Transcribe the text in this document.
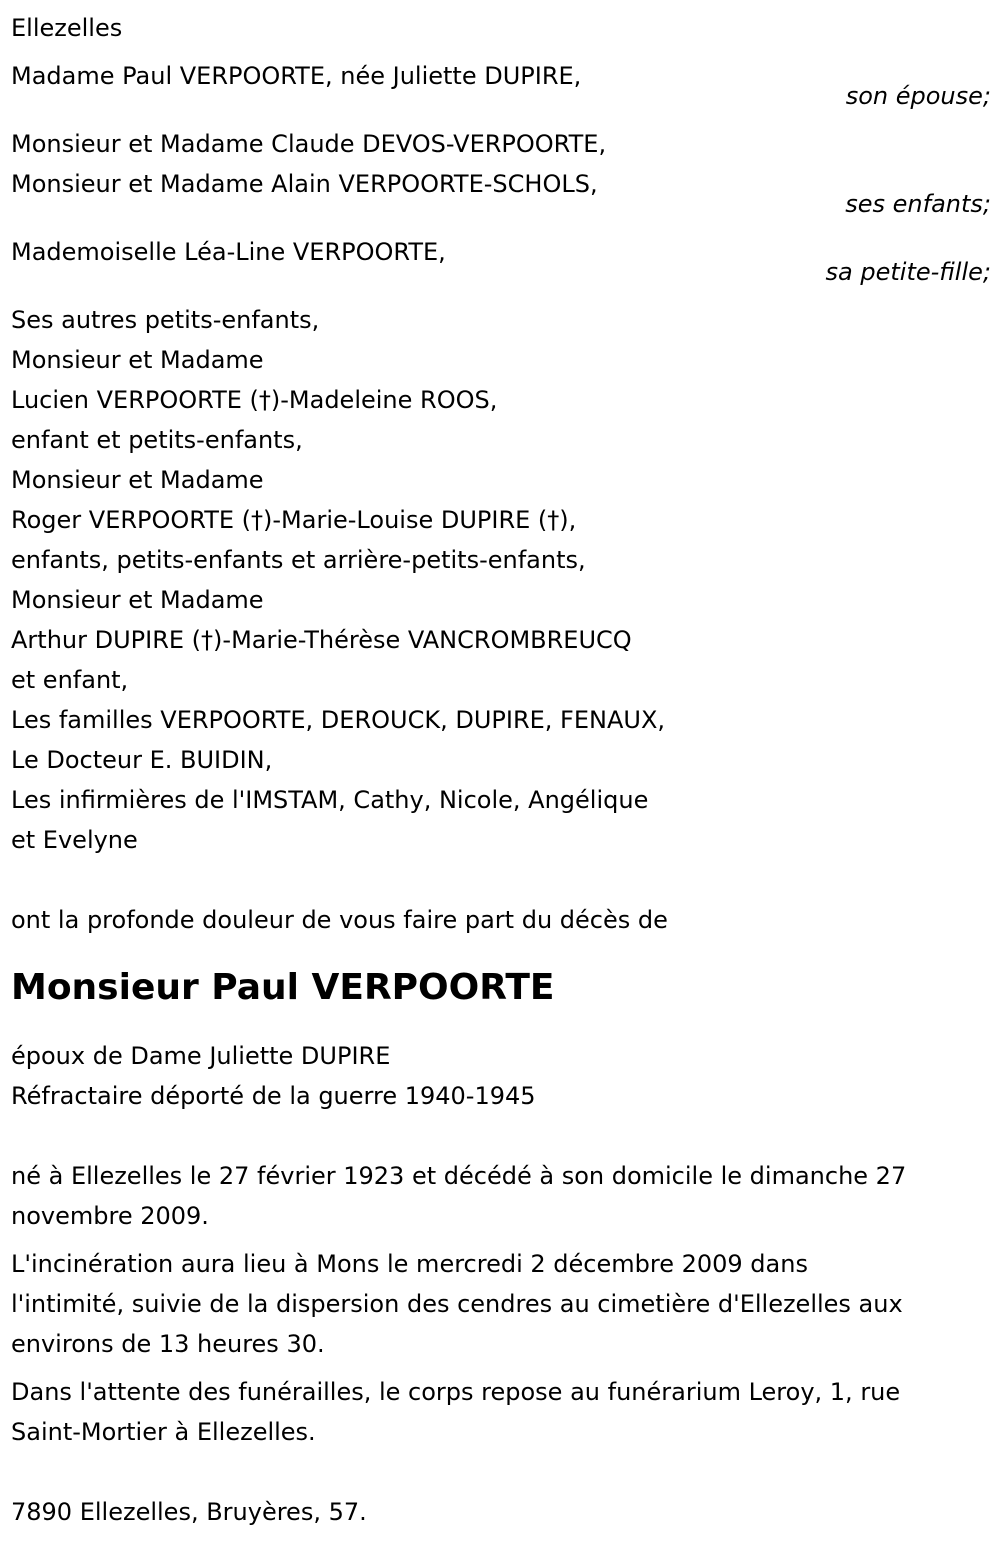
Ellezelles
Madame Paul VERPOORTE, née Juliette DUPIRE,
son épouse;
Monsieur et Madame Claude DEVOS-VERPOORTE,
Monsieur et Madame Alain VERPOORTE-SCHOLS,
ses enfants;
Mademoiselle Léa-Line VERPOORTE,
sa petite-fille;
Ses autres petits-enfants,
Monsieur et Madame
Lucien VERPOORTE (†)-Madeleine ROOS,
enfant et petits-enfants,
Monsieur et Madame
Roger VERPOORTE (†)-Marie-Louise DUPIRE (†),
enfants, petits-enfants et arrière-petits-enfants,
Monsieur et Madame
Arthur DUPIRE (†)-Marie-Thérèse VANCROMBREUCQ
et enfant,
Les familles VERPOORTE, DEROUCK, DUPIRE, FENAUX,
Le Docteur E. BUIDIN,
Les infirmières de l'IMSTAM, Cathy, Nicole, Angélique
et Evelyne
ont la profonde douleur de vous faire part du décès de
Monsieur Paul VERPOORTE
époux de Dame Juliette DUPIRE
Réfractaire déporté de la guerre 1940-1945
né à Ellezelles le 27 février 1923 et décédé à son domicile le dimanche 27
novembre 2009.
L'incinération aura lieu à Mons le mercredi 2 décembre 2009 dans
l'intimité, suivie de la dispersion des cendres au cimetière d'Ellezelles aux
environs de 13 heures 30.
Dans l'attente des funérailles, le corps repose au funérarium Leroy, 1, rue
Saint-Mortier à Ellezelles.
7890 Ellezelles, Bruyères, 57.
